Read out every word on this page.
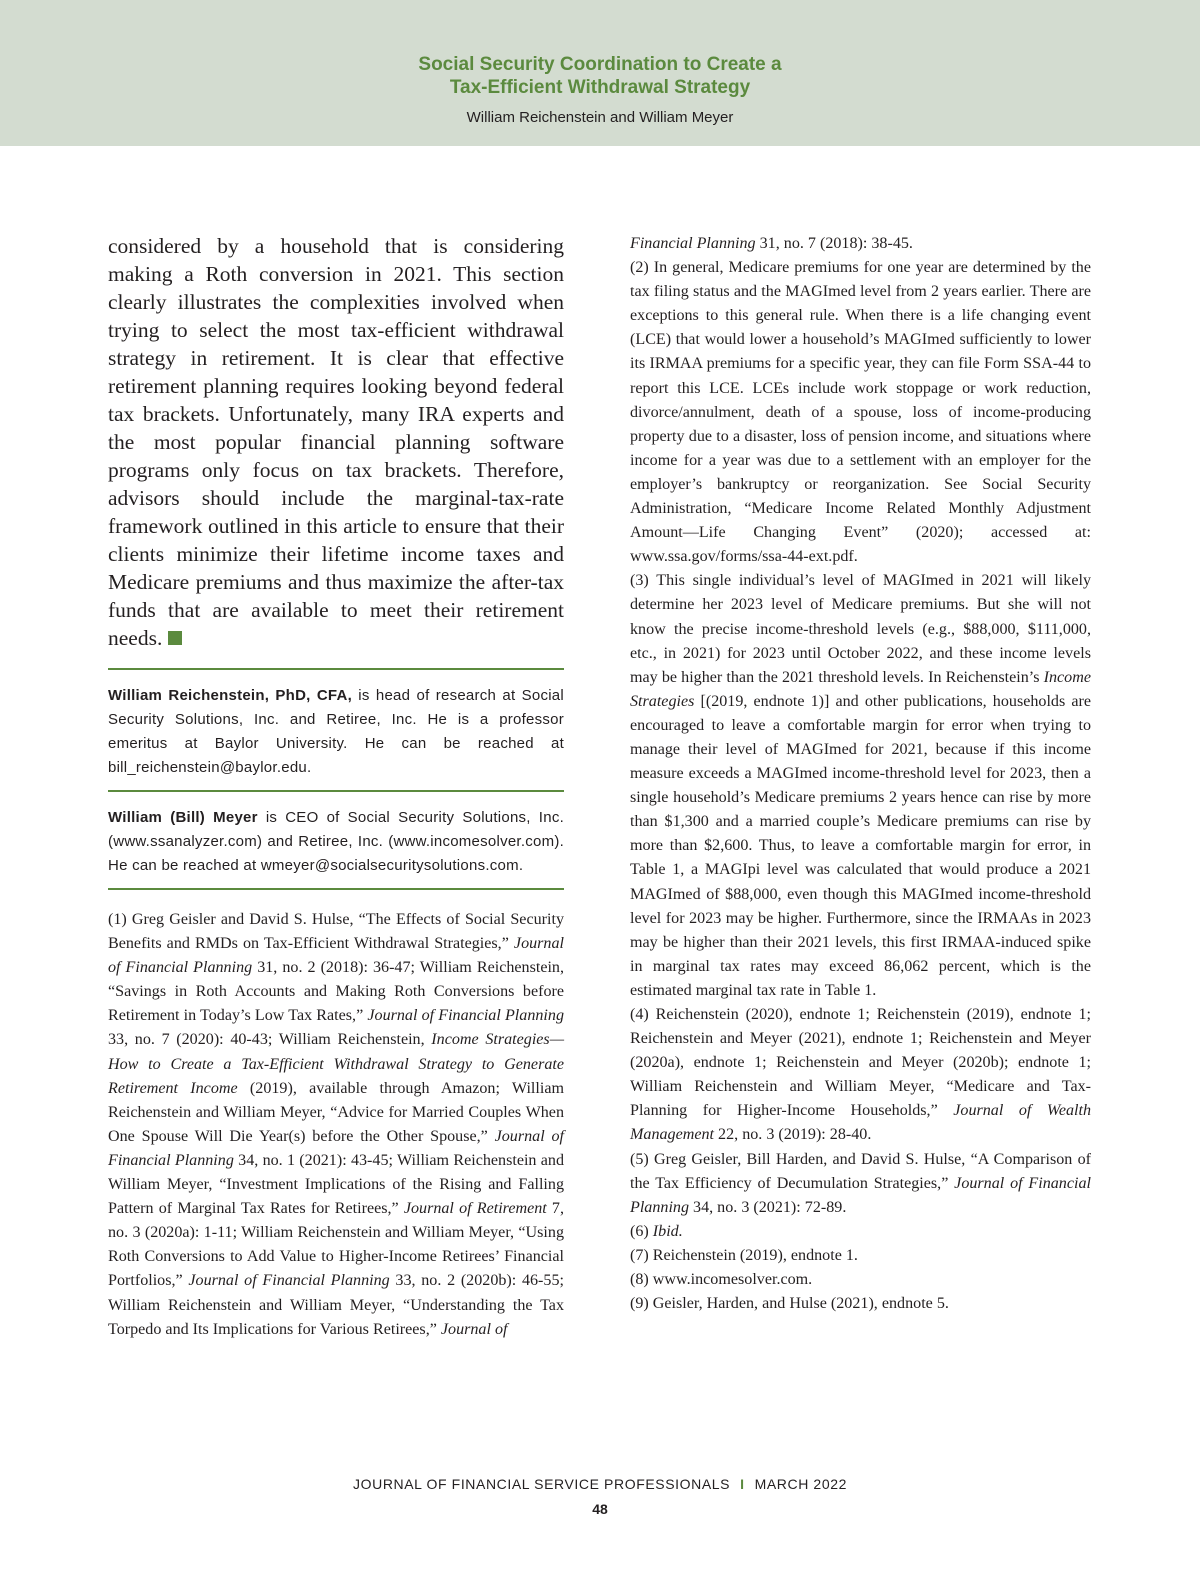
Social Security Coordination to Create a
Tax-Efficient Withdrawal Strategy
William Reichenstein and William Meyer

considered by a household that is considering making a Roth conversion in 2021. This section clearly illustrates the complexities involved when trying to select the most tax-efficient withdrawal strategy in retirement. It is clear that effective retirement planning requires looking beyond federal tax brackets. Unfortunately, many IRA experts and the most popular financial planning software programs only focus on tax brackets. Therefore, advisors should include the marginal-tax-rate framework outlined in this article to ensure that their clients minimize their lifetime income taxes and Medicare premiums and thus maximize the after-tax funds that are available to meet their retirement needs.

William Reichenstein, PhD, CFA, is head of research at Social Security Solutions, Inc. and Retiree, Inc. He is a professor emeritus at Baylor University. He can be reached at bill_reichenstein@baylor.edu.

William (Bill) Meyer is CEO of Social Security Solutions, Inc. (www.ssanalyzer.com) and Retiree, Inc. (www.incomesolver.com). He can be reached at wmeyer@socialsecuritysolutions.com.

(1) Greg Geisler and David S. Hulse, “The Effects of Social Security Benefits and RMDs on Tax-Efficient Withdrawal Strategies,” Journal of Financial Planning 31, no. 2 (2018): 36-47; William Reichenstein, “Savings in Roth Accounts and Making Roth Conversions before Retirement in Today’s Low Tax Rates,” Journal of Financial Planning 33, no. 7 (2020): 40-43; William Reichenstein, Income Strategies—How to Create a Tax-Efficient Withdrawal Strategy to Generate Retirement Income (2019), available through Amazon; William Reichenstein and William Meyer, “Advice for Married Couples When One Spouse Will Die Year(s) before the Other Spouse,” Journal of Financial Planning 34, no. 1 (2021): 43-45; William Reichenstein and William Meyer, “Investment Implications of the Rising and Falling Pattern of Marginal Tax Rates for Retirees,” Journal of Retirement 7, no. 3 (2020a): 1-11; William Reichenstein and William Meyer, “Using Roth Conversions to Add Value to Higher-Income Retirees’ Financial Portfolios,” Journal of Financial Planning 33, no. 2 (2020b): 46-55; William Reichenstein and William Meyer, “Understanding the Tax Torpedo and Its Implications for Various Retirees,” Journal of

Financial Planning 31, no. 7 (2018): 38-45.

(2) In general, Medicare premiums for one year are determined by the tax filing status and the MAGImed level from 2 years earlier. There are exceptions to this general rule. When there is a life changing event (LCE) that would lower a household’s MAGImed sufficiently to lower its IRMAA premiums for a specific year, they can file Form SSA-44 to report this LCE. LCEs include work stoppage or work reduction, divorce/annulment, death of a spouse, loss of income-producing property due to a disaster, loss of pension income, and situations where income for a year was due to a settlement with an employer for the employer’s bankruptcy or reorganization. See Social Security Administration, “Medicare Income Related Monthly Adjustment Amount—Life Changing Event” (2020); accessed at: www.ssa.gov/forms/ssa-44-ext.pdf.

(3) This single individual’s level of MAGImed in 2021 will likely determine her 2023 level of Medicare premiums. But she will not know the precise income-threshold levels (e.g., $88,000, $111,000, etc., in 2021) for 2023 until October 2022, and these income levels may be higher than the 2021 threshold levels. In Reichenstein’s Income Strategies [(2019, endnote 1)] and other publications, households are encouraged to leave a comfortable margin for error when trying to manage their level of MAGImed for 2021, because if this income measure exceeds a MAGImed income-threshold level for 2023, then a single household’s Medicare premiums 2 years hence can rise by more than $1,300 and a married couple’s Medicare premiums can rise by more than $2,600. Thus, to leave a comfortable margin for error, in Table 1, a MAGIpi level was calculated that would produce a 2021 MAGImed of $88,000, even though this MAGImed income-threshold level for 2023 may be higher. Furthermore, since the IRMAAs in 2023 may be higher than their 2021 levels, this first IRMAA-induced spike in marginal tax rates may exceed 86,062 percent, which is the estimated marginal tax rate in Table 1.

(4) Reichenstein (2020), endnote 1; Reichenstein (2019), endnote 1; Reichenstein and Meyer (2021), endnote 1; Reichenstein and Meyer (2020a), endnote 1; Reichenstein and Meyer (2020b); endnote 1; William Reichenstein and William Meyer, “Medicare and Tax-Planning for Higher-Income Households,” Journal of Wealth Management 22, no. 3 (2019): 28-40.

(5) Greg Geisler, Bill Harden, and David S. Hulse, “A Comparison of the Tax Efficiency of Decumulation Strategies,” Journal of Financial Planning 34, no. 3 (2021): 72-89.

(6) Ibid.

(7) Reichenstein (2019), endnote 1.

(8) www.incomesolver.com.

(9) Geisler, Harden, and Hulse (2021), endnote 5.

JOURNAL OF FINANCIAL SERVICE PROFESSIONALS I MARCH 2022
48
